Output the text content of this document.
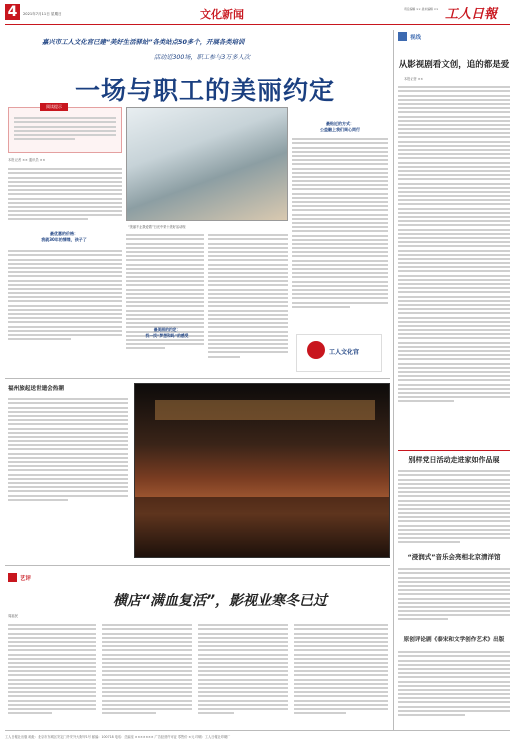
4	2021年7月11日 星期日	文化新闻	责任编辑 ×× 美术编辑 ×× 工人日報
嘉兴市工人文化宫已建“美好生活驿站”各类站点50多个，开展各类培训
活动近300场，职工参与3万多人次
一场与职工的美丽约定
阅读提示
本报记者 ×× 通讯员 ××
最优惠的价格：
我就30年的情缘，孩子了
“美丽不止我爱着”日光中采十美好活动现
最美丽的约定：
找一找“梦想和吗”的感受
最贴近的方式：
公益融上我们周心同行
工人文化宫
视线
从影视剧看文创，追的都是爱
本报记者 ××
别样党日活动走进家如作品展
“浸润式”音乐会亮相北京清洋馆
原创评论剧《泰宋和文学创作艺术》出版
福州旅起送世遗会热潮
艺评
横店“满血复活”，影视业寒冬已过
周福民
工人日報社出版 地址：北京市东城区安定门外安外大街甲1号 邮编：100718 电话：总编室 ××××××× 广告经营许可证 零售价 ×元 印刷：工人日報社印刷厂
